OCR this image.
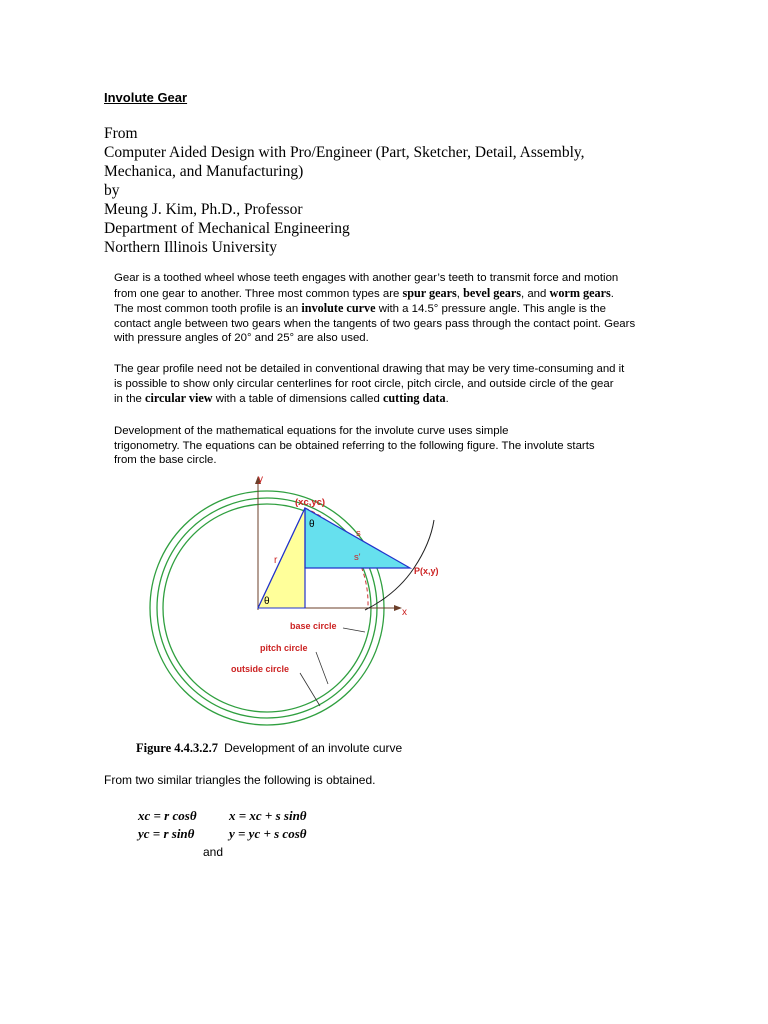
Involute Gear
From
Computer Aided Design with Pro/Engineer (Part, Sketcher, Detail, Assembly,
Mechanica, and Manufacturing)
by
Meung J. Kim, Ph.D., Professor
Department of Mechanical Engineering
Northern Illinois University
Gear is a toothed wheel whose teeth engages with another gear’s teeth to transmit force and motion
from one gear to another. Three most common types are spur gears, bevel gears, and worm gears.
The most common tooth profile is an involute curve with a 14.5° pressure angle. This angle is the
contact angle between two gears when the tangents of two gears pass through the contact point. Gears
with pressure angles of 20° and 25° are also used.
The gear profile need not be detailed in conventional drawing that may be very time-consuming and it
is possible to show only circular centerlines for root circle, pitch circle, and outside circle of the gear
in the circular view with a table of dimensions called cutting data.
Development of the mathematical equations for the involute curve uses simple
trigonometry. The equations can be obtained referring to the following figure. The involute starts
from the base circle.
y
x
(xc,yc)
θ
θ
r
s
s'
P(x,y)
base circle
pitch circle
outside circle
Figure 4.4.3.2.7 Development of an involute curve
From two similar triangles the following is obtained.
xc = r cosθ x = xc + s sinθ
yc = r sinθ	y = yc + s cosθ
and
